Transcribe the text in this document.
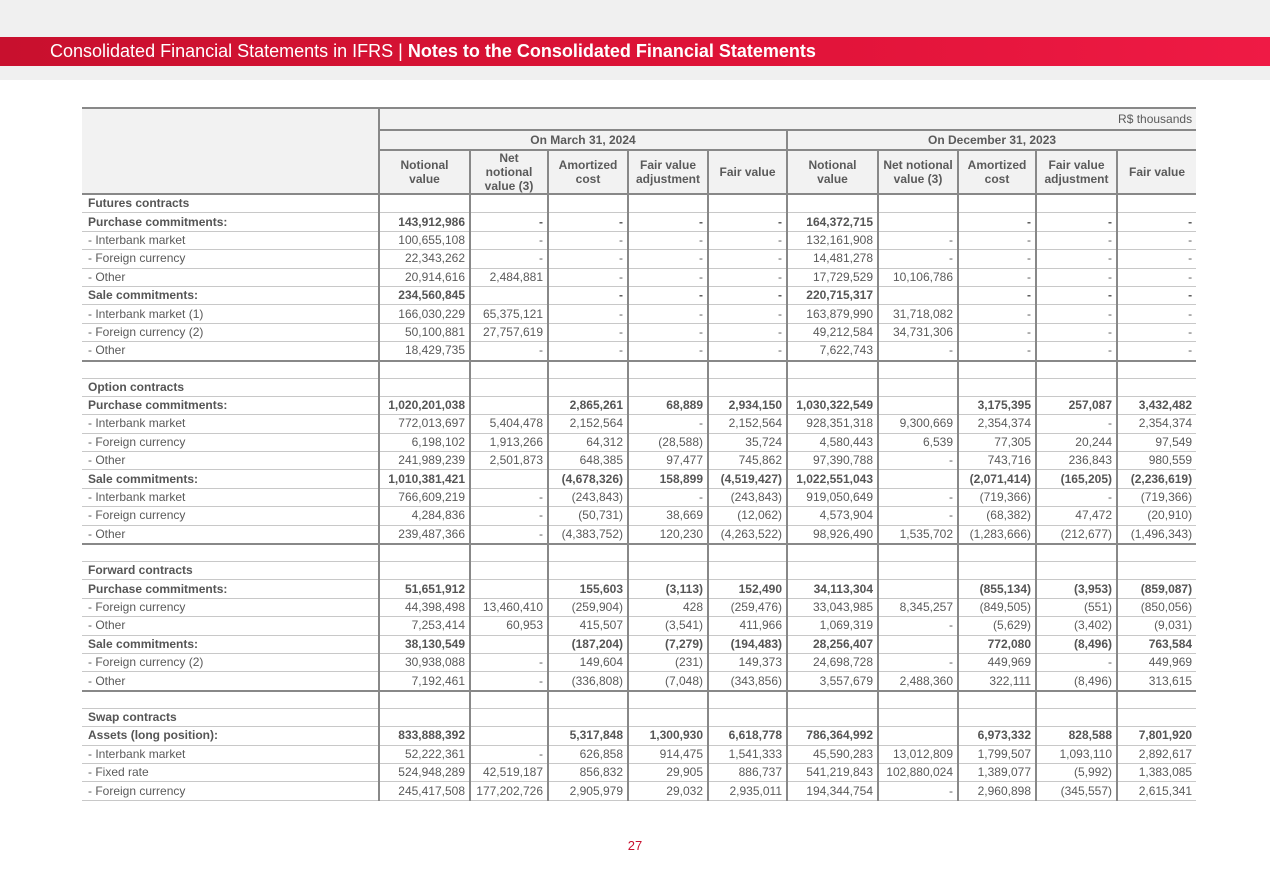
Consolidated Financial Statements in IFRS | Notes to the Consolidated Financial Statements
	R$ thousands									
	On March 31, 2024					On December 31, 2023				
	Notional value	Net notional value (3)	Amortized cost	Fair value adjustment	Fair value	Notional value	Net notional value (3)	Amortized cost	Fair value adjustment	Fair value
Futures contracts										
Purchase commitments:	143,912,986	-	-	-	-	164,372,715		-	-	-
- Interbank market	100,655,108	-	-	-	-	132,161,908	-	-	-	-
- Foreign currency	22,343,262	-	-	-	-	14,481,278	-	-	-	-
- Other	20,914,616	2,484,881	-	-	-	17,729,529	10,106,786	-	-	-
Sale commitments:	234,560,845		-	-	-	220,715,317		-	-	-
- Interbank market (1)	166,030,229	65,375,121	-	-	-	163,879,990	31,718,082	-	-	-
- Foreign currency (2)	50,100,881	27,757,619	-	-	-	49,212,584	34,731,306	-	-	-
- Other	18,429,735	-	-	-	-	7,622,743	-	-	-	-

Option contracts										
Purchase commitments:	1,020,201,038		2,865,261	68,889	2,934,150	1,030,322,549		3,175,395	257,087	3,432,482
- Interbank market	772,013,697	5,404,478	2,152,564	-	2,152,564	928,351,318	9,300,669	2,354,374	-	2,354,374
- Foreign currency	6,198,102	1,913,266	64,312	(28,588)	35,724	4,580,443	6,539	77,305	20,244	97,549
- Other	241,989,239	2,501,873	648,385	97,477	745,862	97,390,788	-	743,716	236,843	980,559
Sale commitments:	1,010,381,421		(4,678,326)	158,899	(4,519,427)	1,022,551,043		(2,071,414)	(165,205)	(2,236,619)
- Interbank market	766,609,219	-	(243,843)	-	(243,843)	919,050,649	-	(719,366)	-	(719,366)
- Foreign currency	4,284,836	-	(50,731)	38,669	(12,062)	4,573,904	-	(68,382)	47,472	(20,910)
- Other	239,487,366	-	(4,383,752)	120,230	(4,263,522)	98,926,490	1,535,702	(1,283,666)	(212,677)	(1,496,343)

Forward contracts										
Purchase commitments:	51,651,912		155,603	(3,113)	152,490	34,113,304		(855,134)	(3,953)	(859,087)
- Foreign currency	44,398,498	13,460,410	(259,904)	428	(259,476)	33,043,985	8,345,257	(849,505)	(551)	(850,056)
- Other	7,253,414	60,953	415,507	(3,541)	411,966	1,069,319	-	(5,629)	(3,402)	(9,031)
Sale commitments:	38,130,549		(187,204)	(7,279)	(194,483)	28,256,407		772,080	(8,496)	763,584
- Foreign currency (2)	30,938,088	-	149,604	(231)	149,373	24,698,728	-	449,969	-	449,969
- Other	7,192,461	-	(336,808)	(7,048)	(343,856)	3,557,679	2,488,360	322,111	(8,496)	313,615

Swap contracts										
Assets (long position):	833,888,392		5,317,848	1,300,930	6,618,778	786,364,992		6,973,332	828,588	7,801,920
- Interbank market	52,222,361	-	626,858	914,475	1,541,333	45,590,283	13,012,809	1,799,507	1,093,110	2,892,617
- Fixed rate	524,948,289	42,519,187	856,832	29,905	886,737	541,219,843	102,880,024	1,389,077	(5,992)	1,383,085
- Foreign currency	245,417,508	177,202,726	2,905,979	29,032	2,935,011	194,344,754	-	2,960,898	(345,557)	2,615,341
27
